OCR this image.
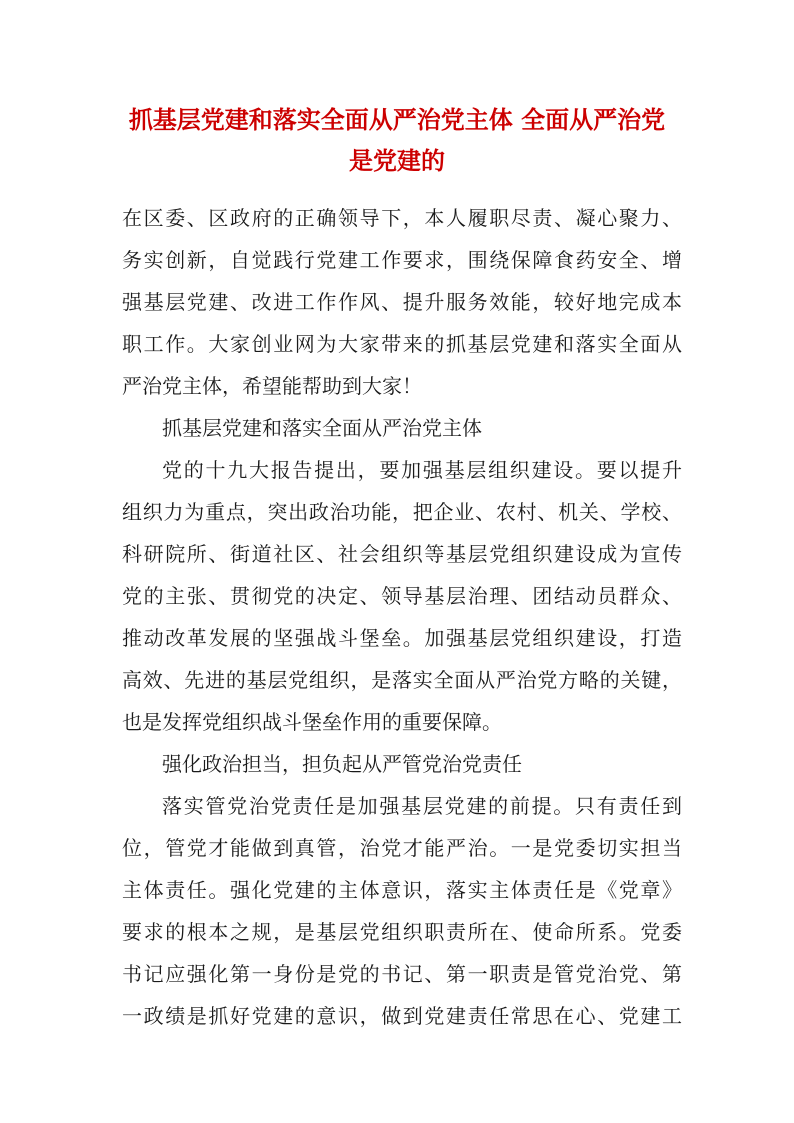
抓基层党建和落实全面从严治党主体 全面从严治党
是党建的

在区委、区政府的正确领导下，本人履职尽责、凝心聚力、

务实创新，自觉践行党建工作要求，围绕保障食药安全、增

强基层党建、改进工作作风、提升服务效能，较好地完成本

职工作。大家创业网为大家带来的抓基层党建和落实全面从

严治党主体，希望能帮助到大家！

抓基层党建和落实全面从严治党主体

党的十九大报告提出，要加强基层组织建设。要以提升

组织力为重点，突出政治功能，把企业、农村、机关、学校、

科研院所、街道社区、社会组织等基层党组织建设成为宣传

党的主张、贯彻党的决定、领导基层治理、团结动员群众、

推动改革发展的坚强战斗堡垒。加强基层党组织建设，打造

高效、先进的基层党组织，是落实全面从严治党方略的关键，

也是发挥党组织战斗堡垒作用的重要保障。

强化政治担当，担负起从严管党治党责任

落实管党治党责任是加强基层党建的前提。只有责任到

位，管党才能做到真管，治党才能严治。一是党委切实担当

主体责任。强化党建的主体意识，落实主体责任是《党章》

要求的根本之规，是基层党组织职责所在、使命所系。党委

书记应强化第一身份是党的书记、第一职责是管党治党、第

一政绩是抓好党建的意识，做到党建责任常思在心、党建工
